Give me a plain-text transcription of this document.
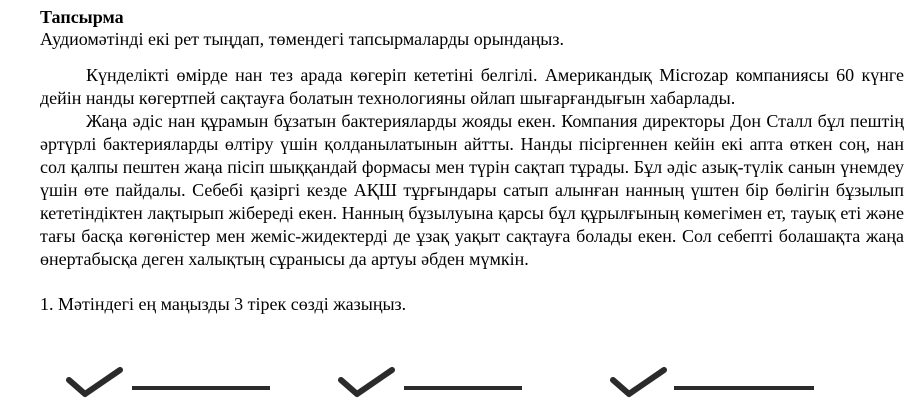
Тапсырма

Аудиомәтінді екі рет тыңдап, төмендегі тапсырмаларды орындаңыз.

Күнделікті өмірде нан тез арада көгеріп кететіні белгілі. Американдық Microzap компаниясы 60 күнге дейін нанды көгертпей сақтауға болатын технологияны ойлап шығарғандығын хабарлады.

Жаңа әдіс нан құрамын бұзатын бактерияларды жояды екен. Компания директоры Дон Сталл бұл пештің әртүрлі бактерияларды өлтіру үшін қолданылатынын айтты. Нанды пісіргеннен кейін екі апта өткен соң, нан сол қалпы пештен жаңа пісіп шыққандай формасы мен түрін сақтап тұрады. Бұл әдіс азық-түлік санын үнемдеу үшін өте пайдалы. Себебі қазіргі кезде АҚШ тұрғындары сатып алынған нанның үштен бір бөлігін бұзылып кететіндіктен лақтырып жібереді екен. Нанның бұзылуына қарсы бұл құрылғының көмегімен ет, тауық еті және тағы басқа көгөністер мен жеміс-жидектерді де ұзақ уақыт сақтауға болады екен. Сол себепті болашақта жаңа өнертабысқа деген халықтың сұранысы да артуы әбден мүмкін.

1. Мәтіндегі ең маңызды 3 тірек сөзді жазыңыз.
